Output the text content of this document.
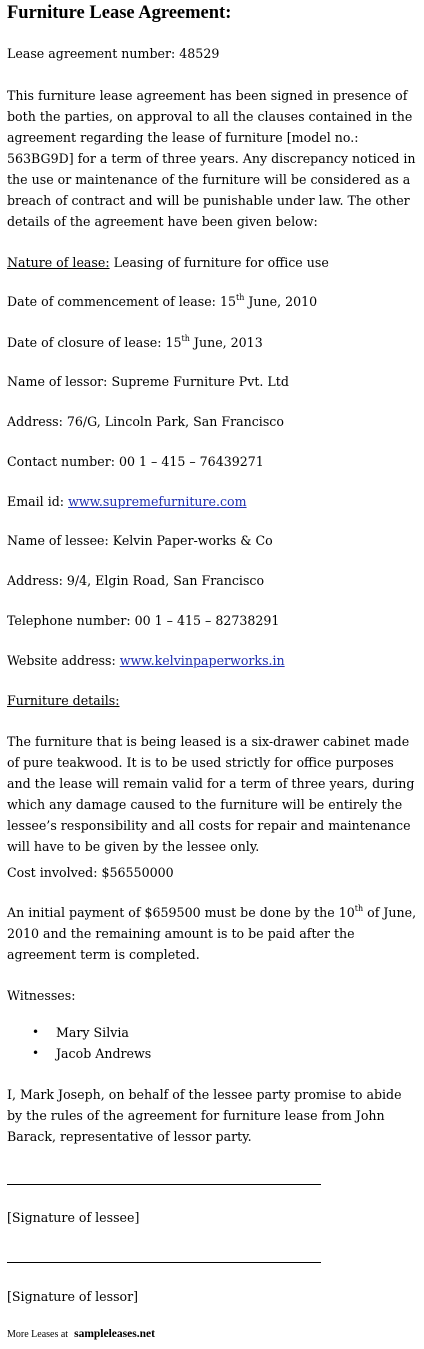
Furniture Lease Agreement:

Lease agreement number: 48529

This furniture lease agreement has been signed in presence of both the parties, on approval to all the clauses contained in the agreement regarding the lease of furniture [model no.: 563BG9D] for a term of three years. Any discrepancy noticed in the use or maintenance of the furniture will be considered as a breach of contract and will be punishable under law. The other details of the agreement have been given below:

Nature of lease: Leasing of furniture for office use

Date of commencement of lease: 15th June, 2010

Date of closure of lease: 15th June, 2013

Name of lessor: Supreme Furniture Pvt. Ltd

Address: 76/G, Lincoln Park, San Francisco

Contact number: 00 1 – 415 – 76439271

Email id: www.supremefurniture.com

Name of lessee: Kelvin Paper-works & Co

Address: 9/4, Elgin Road, San Francisco

Telephone number: 00 1 – 415 – 82738291

Website address: www.kelvinpaperworks.in

Furniture details:

The furniture that is being leased is a six-drawer cabinet made of pure teakwood. It is to be used strictly for office purposes and the lease will remain valid for a term of three years, during which any damage caused to the furniture will be entirely the lessee’s responsibility and all costs for repair and maintenance will have to be given by the lessee only.

Cost involved: $56550000

An initial payment of $659500 must be done by the 10th of June, 2010 and the remaining amount is to be paid after the agreement term is completed.

Witnesses:

• Mary Silvia
• Jacob Andrews

I, Mark Joseph, on behalf of the lessee party promise to abide by the rules of the agreement for furniture lease from John Barack, representative of lessor party.

[Signature of lessee]

[Signature of lessor]

More Leases at sampleleases.net
